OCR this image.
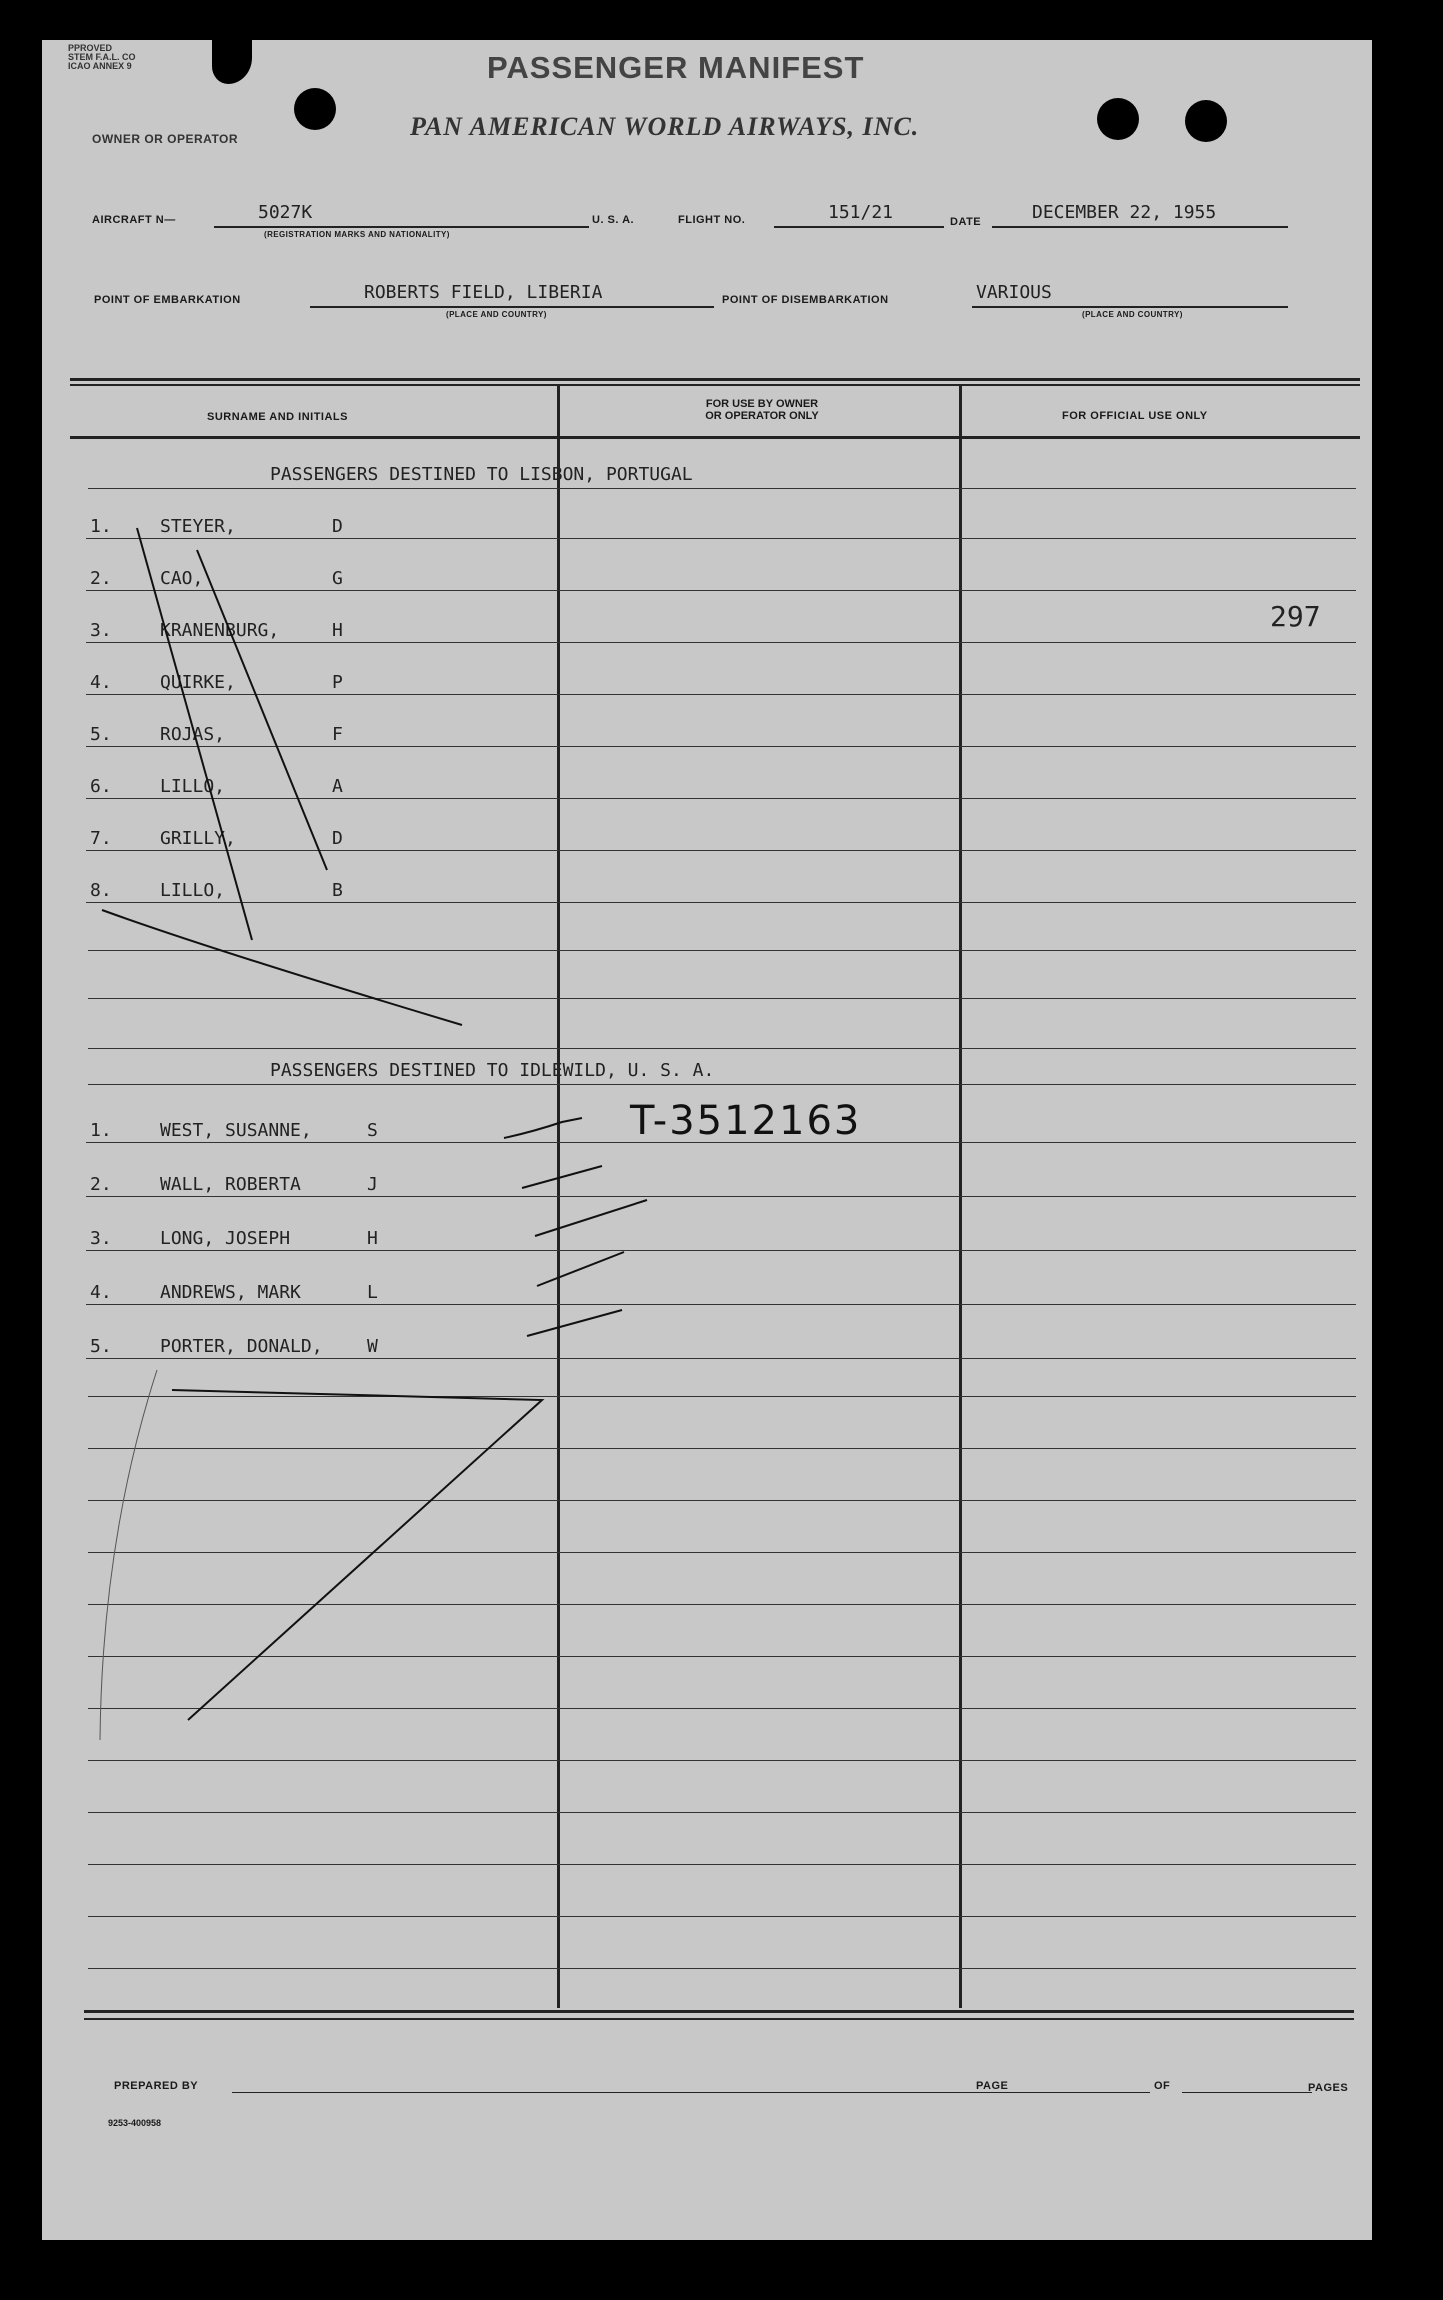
PPROVED
STEM F.A.L. CO
ICAO ANNEX 9	PASSENGER MANIFEST
OWNER OR OPERATOR	PAN AMERICAN WORLD AIRWAYS, INC.
AIRCRAFT N—	5027K
(REGISTRATION MARKS AND NATIONALITY)
U. S. A.	FLIGHT NO.	151/21	DATE	DECEMBER 22, 1955
POINT OF EMBARKATION	ROBERTS FIELD, LIBERIA
(PLACE AND COUNTRY)
POINT OF DISEMBARKATION	VARIOUS
(PLACE AND COUNTRY)
SURNAME AND INITIALS
FOR USE BY OWNER
OR OPERATOR ONLY	FOR OFFICIAL USE ONLY
PASSENGERS DESTINED TO LISBON, PORTUGAL
1.	STEYER,	D
2.	CAO,	G
3.	KRANENBURG,	H
4.	QUIRKE,	P
5.	ROJAS,	F
6.	LILLO,	A
7.	GRILLY,	D
8.	LILLO,	B
297
PASSENGERS DESTINED TO IDLEWILD, U. S. A.
1.	WEST, SUSANNE,	S
2.	WALL, ROBERTA	J
3.	LONG, JOSEPH	H
4.	ANDREWS, MARK	L
5.	PORTER, DONALD, W
T-3512163
PREPARED BY	PAGE	OF	PAGES
9253-400958
